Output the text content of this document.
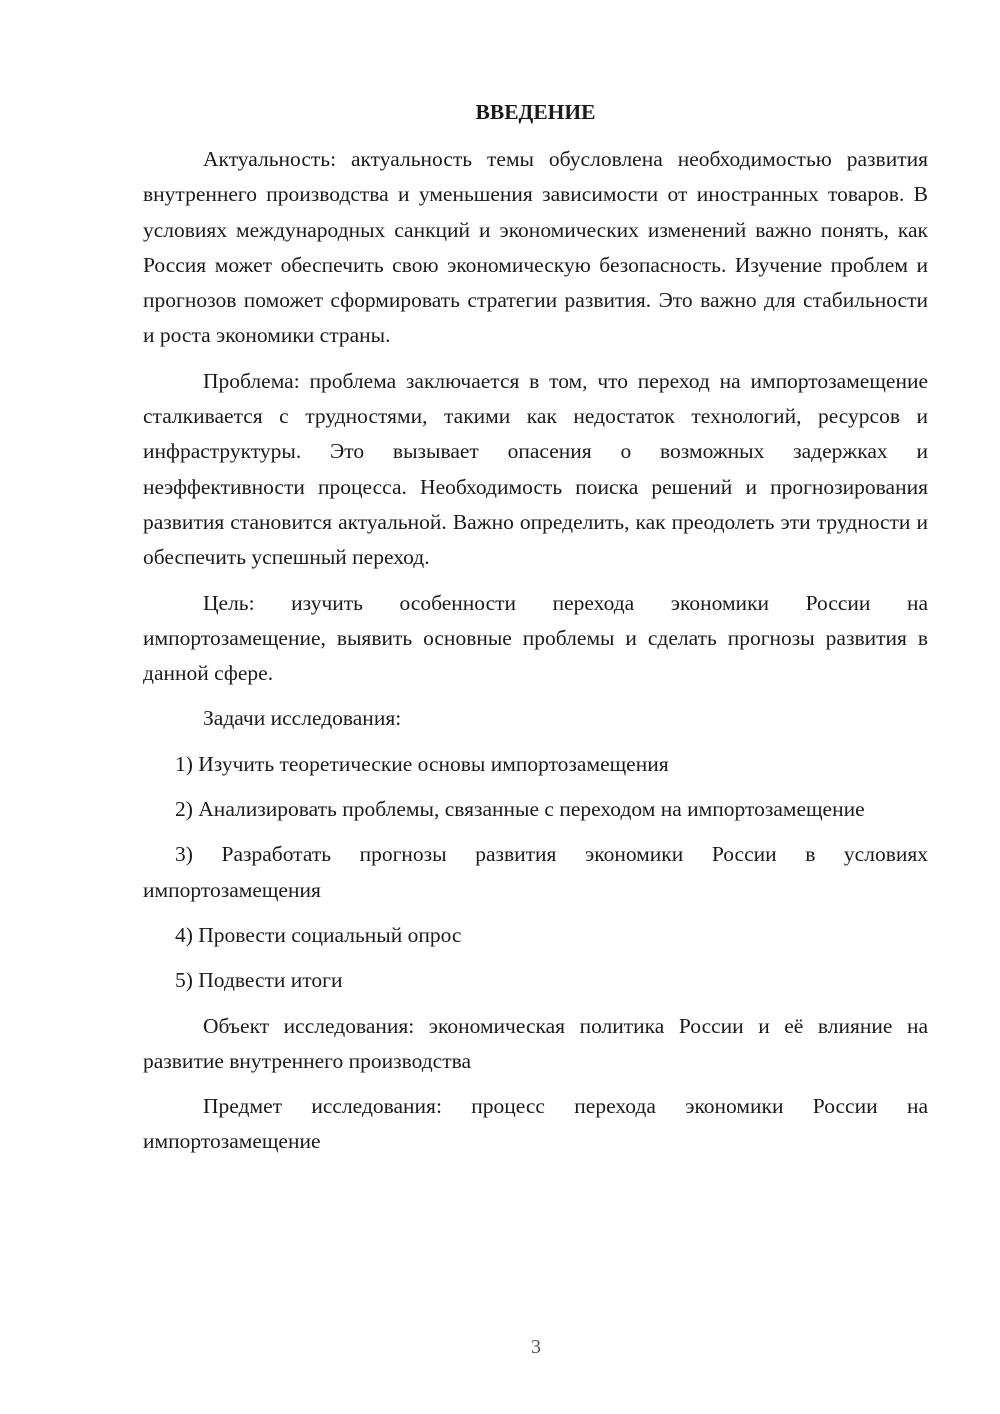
ВВЕДЕНИЕ

Актуальность: актуальность темы обусловлена необходимостью развития внутреннего производства и уменьшения зависимости от иностранных товаров. В условиях международных санкций и экономических изменений важно понять, как Россия может обеспечить свою экономическую безопасность. Изучение проблем и прогнозов поможет сформировать стратегии развития. Это важно для стабильности и роста экономики страны.

Проблема: проблема заключается в том, что переход на импортозамещение сталкивается с трудностями, такими как недостаток технологий, ресурсов и инфраструктуры. Это вызывает опасения о возможных задержках и неэффективности процесса. Необходимость поиска решений и прогнозирования развития становится актуальной. Важно определить, как преодолеть эти трудности и обеспечить успешный переход.

Цель: изучить особенности перехода экономики России на импортозамещение, выявить основные проблемы и сделать прогнозы развития в данной сфере.

Задачи исследования:

1) Изучить теоретические основы импортозамещения

2) Анализировать проблемы, связанные с переходом на импортозамещение

3) Разработать прогнозы развития экономики России в условиях импортозамещения

4) Провести социальный опрос

5) Подвести итоги

Объект исследования: экономическая политика России и её влияние на развитие внутреннего производства

Предмет исследования: процесс перехода экономики России на импортозамещение

3
